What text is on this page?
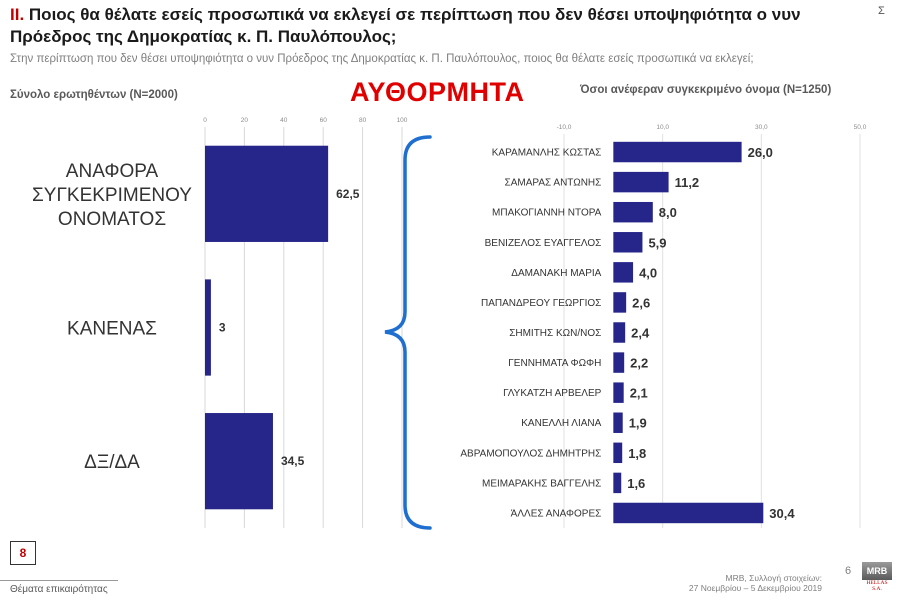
II. Ποιος θα θέλατε εσείς προσωπικά να εκλεγεί σε περίπτωση που δεν θέσει υποψηφιότητα ο νυν Πρόεδρος της Δημοκρατίας κ. Π. Παυλόπουλος;
Σ
Στην περίπτωση που δεν θέσει υποψηφιότητα ο νυν Πρόεδρος της Δημοκρατίας κ. Π. Παυλόπουλος, ποιος θα θέλατε εσείς προσωπικά να εκλεγεί;
Σύνολο ερωτηθέντων (N=2000)	ΑΥΘΟΡΜΗΤΑ	Όσοι ανέφεραν συγκεκριμένο όνομα (N=1250)
0	20	40	60	80	100
62,5
ΑΝΑΦΟΡΑ ΣΥΓΚΕΚΡΙΜΕΝΟΥ ΟΝΟΜΑΤΟΣ
3
ΚΑΝΕΝΑΣ
34,5
ΔΞ/ΔΑ
-10,0	10,0	30,0	50,0
26,0
ΚΑΡΑΜΑΝΛΗΣ ΚΩΣΤΑΣ
11,2
ΣΑΜΑΡΑΣ ΑΝΤΩΝΗΣ
8,0
ΜΠΑΚΟΓΙΑΝΝΗ ΝΤΟΡΑ
5,9
ΒΕΝΙΖΕΛΟΣ ΕΥΑΓΓΕΛΟΣ
4,0
ΔΑΜΑΝΑΚΗ ΜΑΡΙΑ
2,6
ΠΑΠΑΝΔΡΕΟΥ ΓΕΩΡΓΙΟΣ
2,4
ΣΗΜΙΤΗΣ ΚΩΝ/ΝΟΣ
2,2
ΓΕΝΝΗΜΑΤΑ ΦΩΦΗ
2,1
ΓΛΥΚΑΤΖΗ ΑΡΒΕΛΕΡ
1,9
ΚΑΝΕΛΛΗ ΛΙΑΝΑ
1,8
ΑΒΡΑΜΟΠΟΥΛΟΣ ΔΗΜΗΤΡΗΣ
1,6
ΜΕΙΜΑΡΑΚΗΣ ΒΑΓΓΕΛΗΣ
30,4
ΆΛΛΕΣ ΑΝΑΦΟΡΕΣ
8
Θέματα επικαιρότητας
MRB, Συλλογή στοιχείων:
27 Νοεμβρίου – 5 Δεκεμβρίου 2019
6	MRB
HELLAS S.A.
